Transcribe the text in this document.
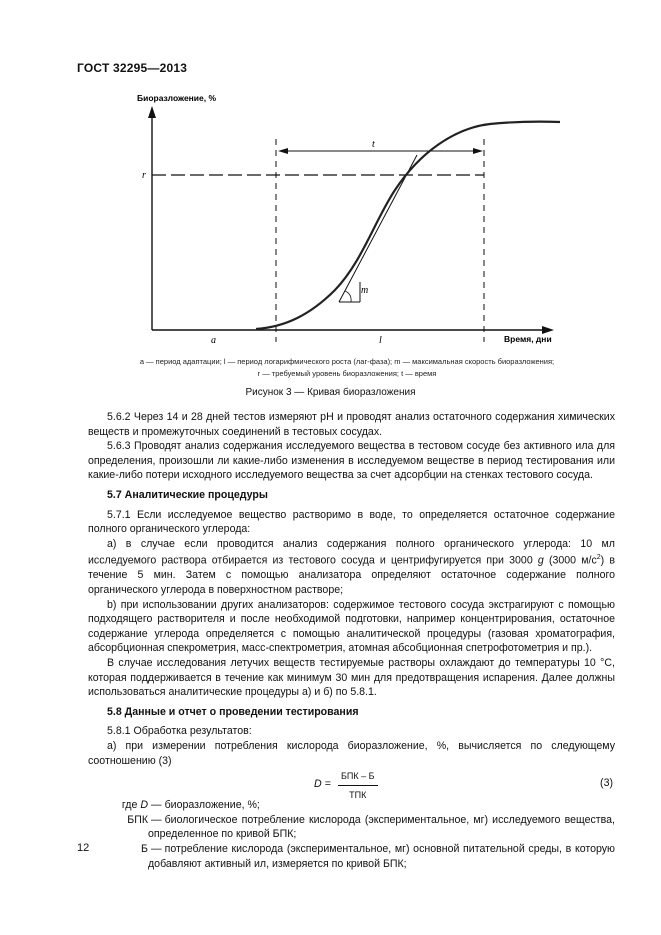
ГОСТ 32295—2013
Биоразложение, %
Время, дни
t
r
m
a	l
a — период адаптации; l — период логарифмического роста (лаг-фаза); m — максимальная скорость биоразложения;
r — требуемый уровень биоразложения; t — время
Рисунок 3 — Кривая биоразложения

5.6.2 Через 14 и 28 дней тестов измеряют pH и проводят анализ остаточного содержания химических веществ и промежуточных соединений в тестовых сосудах.

5.6.3 Проводят анализ содержания исследуемого вещества в тестовом сосуде без активного ила для определения, произошли ли какие-либо изменения в исследуемом веществе в период тестирования или какие-либо потери исходного исследуемого вещества за счет адсорбции на стенках тестового сосуда.

5.7 Аналитические процедуры

5.7.1 Если исследуемое вещество растворимо в воде, то определяется остаточное содержание полного органического углерода:

а) в случае если проводится анализ содержания полного органического углерода: 10 мл исследуемого раствора отбирается из тестового сосуда и центрифугируется при 3000 g (3000 $м/с^2$) в течение 5 мин. Затем с помощью анализатора определяют остаточное содержание полного органического углерода в поверхностном растворе;

b) при использовании других анализаторов: содержимое тестового сосуда экстрагируют с помощью подходящего растворителя и после необходимой подготовки, например концентрирования, остаточное содержание углерода определяется с помощью аналитической процедуры (газовая хроматография, абсорбционная спекрометрия, масс-спектрометрия, атомная абсобционная спетрофотометрия и пр.).

В случае исследования летучих веществ тестируемые растворы охлаждают до температуры 10 °С, которая поддерживается в течение как минимум 30 мин для предотвращения испарения. Далее должны использоваться аналитические процедуры а) и б) по 5.8.1.

5.8 Данные и отчет о проведении тестирования

5.8.1 Обработка результатов:

а) при измерении потребления кислорода биоразложение, %, вычисляется по следующему соотношению (3)

D =
БПК – Б
ТПК
(3)
где D — биоразложение, %;
БПК — биологическое потребление кислорода (экспериментальное, мг) исследуемого вещества, определенное по кривой БПК;
Б — потребление кислорода (экспериментальное, мг) основной питательной среды, в которую добавляют активный ил, измеряется по кривой БПК;
12
